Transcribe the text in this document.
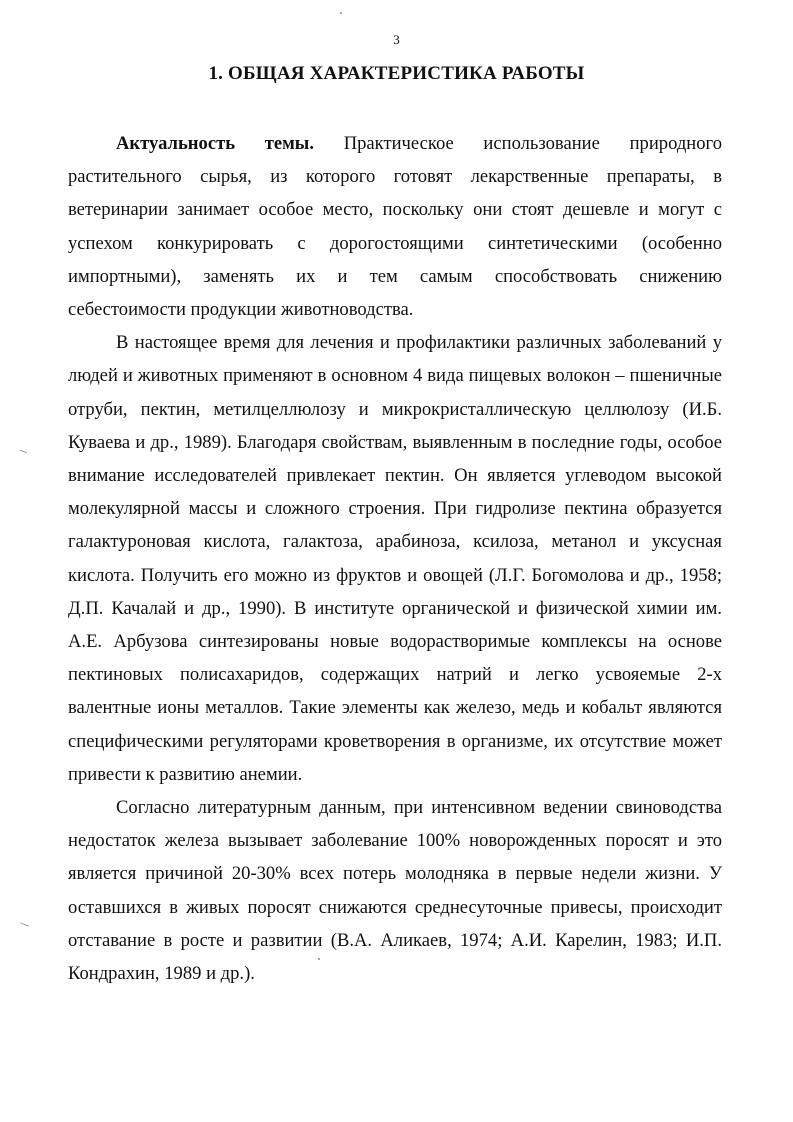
3
1. ОБЩАЯ ХАРАКТЕРИСТИКА РАБОТЫ

Актуальность темы. Практическое использование природного растительного сырья, из которого готовят лекарственные препараты, в ветеринарии занимает особое место, поскольку они стоят дешевле и могут с успехом конкурировать с дорогостоящими синтетическими (особенно импортными), заменять их и тем самым способствовать снижению себестоимости продукции животноводства.

В настоящее время для лечения и профилактики различных заболеваний у людей и животных применяют в основном 4 вида пищевых волокон – пшеничные отруби, пектин, метилцеллюлозу и микрокристаллическую целлюлозу (И.Б. Куваева и др., 1989). Благодаря свойствам, выявленным в последние годы, особое внимание исследователей привлекает пектин. Он является углеводом высокой молекулярной массы и сложного строения. При гидролизе пектина образуется галактуроновая кислота, галактоза, арабиноза, ксилоза, метанол и уксусная кислота. Получить его можно из фруктов и овощей (Л.Г. Богомолова и др., 1958; Д.П. Качалай и др., 1990). В институте органической и физической химии им. А.Е. Арбузова синтезированы новые водорастворимые комплексы на основе пектиновых полисахаридов, содержащих натрий и легко усвояемые 2-х валентные ионы металлов. Такие элементы как железо, медь и кобальт являются специфическими регуляторами кроветворения в организме, их отсутствие может привести к развитию анемии.

Согласно литературным данным, при интенсивном ведении свиноводства недостаток железа вызывает заболевание 100% новорожденных поросят и это является причиной 20-30% всех потерь молодняка в первые недели жизни. У оставшихся в живых поросят снижаются среднесуточные привесы, происходит отставание в росте и развитии (В.А. Аликаев, 1974; А.И. Карелин, 1983; И.П. Кондрахин, 1989 и др.).
